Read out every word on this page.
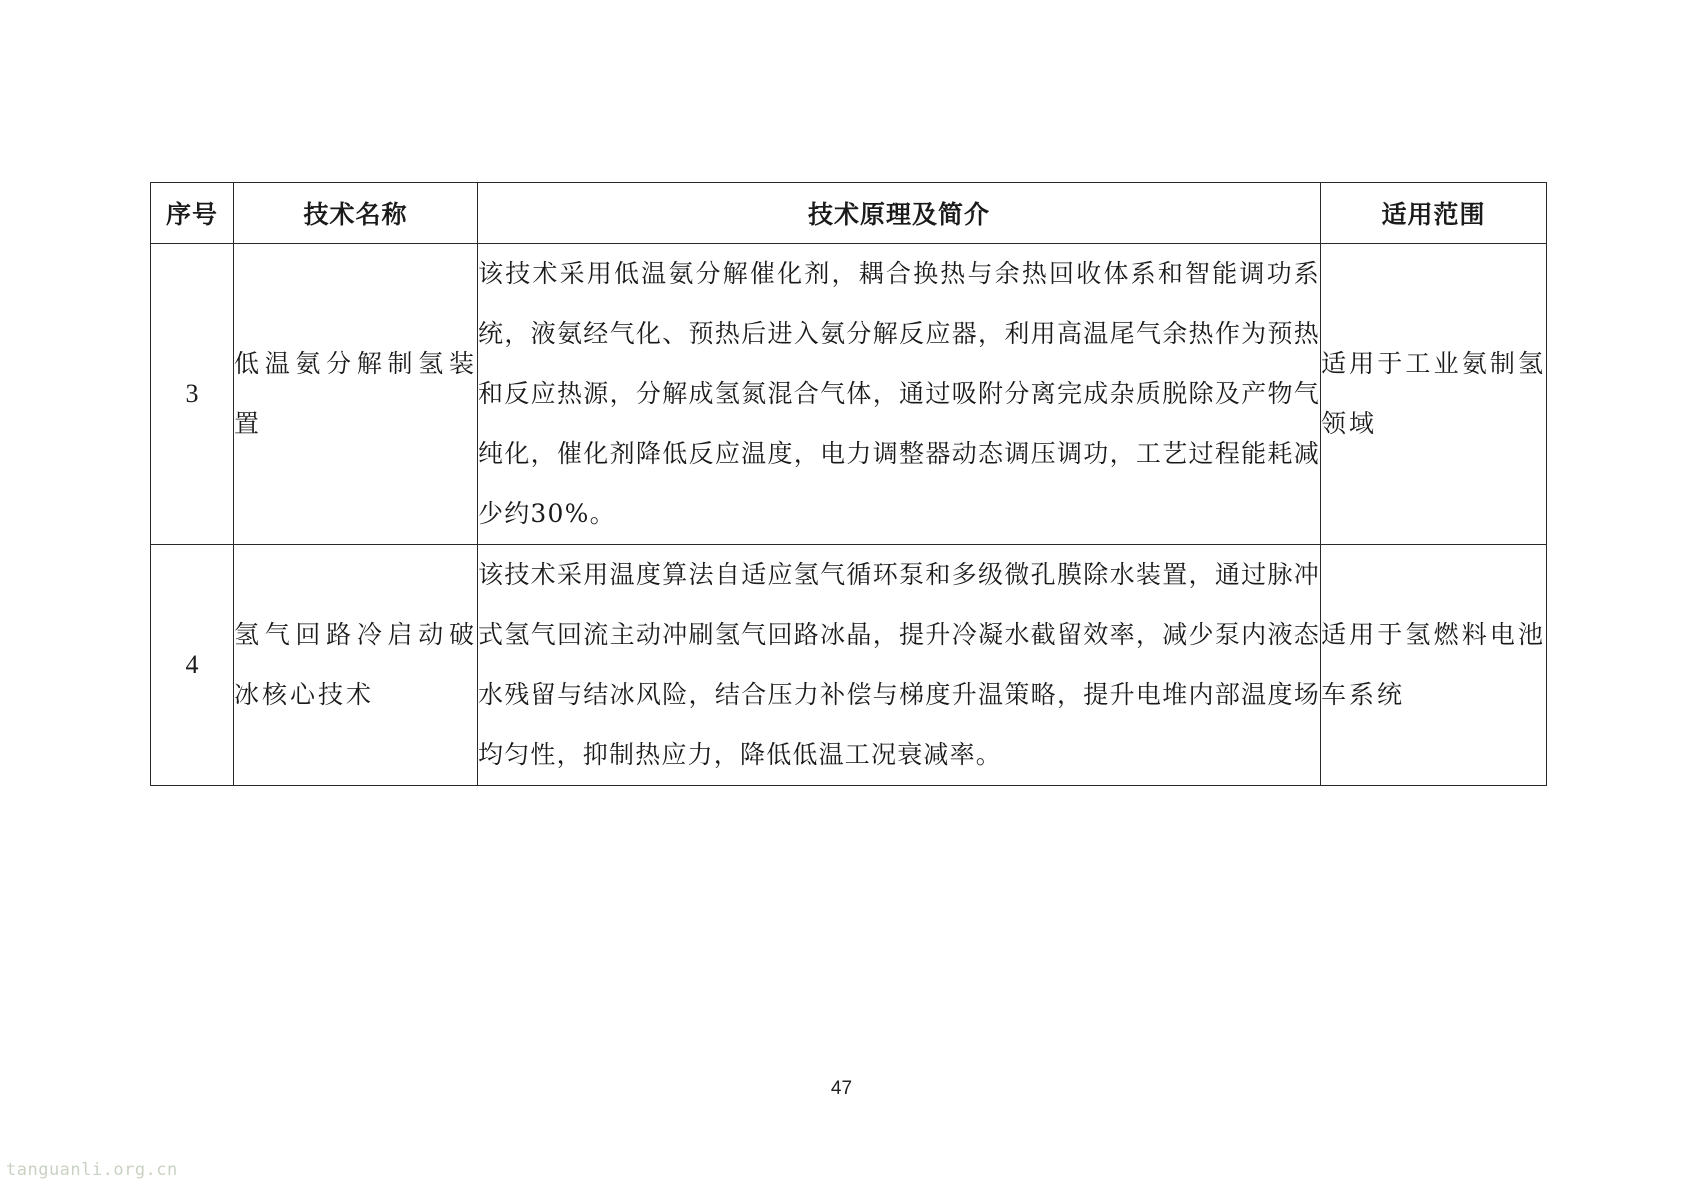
序号	技术名称	技术原理及简介	适用范围
3	低温氨分解制氢装置	该技术采用低温氨分解催化剂，耦合换热与余热回收体系和智能调功系统，液氨经气化、预热后进入氨分解反应器，利用高温尾气余热作为预热和反应热源，分解成氢氮混合气体，通过吸附分离完成杂质脱除及产物气纯化，催化剂降低反应温度，电力调整器动态调压调功，工艺过程能耗减少约30%。	适用于工业氨制氢领域
4	氢气回路冷启动破冰核心技术	该技术采用温度算法自适应氢气循环泵和多级微孔膜除水装置，通过脉冲式氢气回流主动冲刷氢气回路冰晶，提升冷凝水截留效率，减少泵内液态水残留与结冰风险，结合压力补偿与梯度升温策略，提升电堆内部温度场均匀性，抑制热应力，降低低温工况衰减率。	适用于氢燃料电池车系统
47
tanguanli.org.cn
